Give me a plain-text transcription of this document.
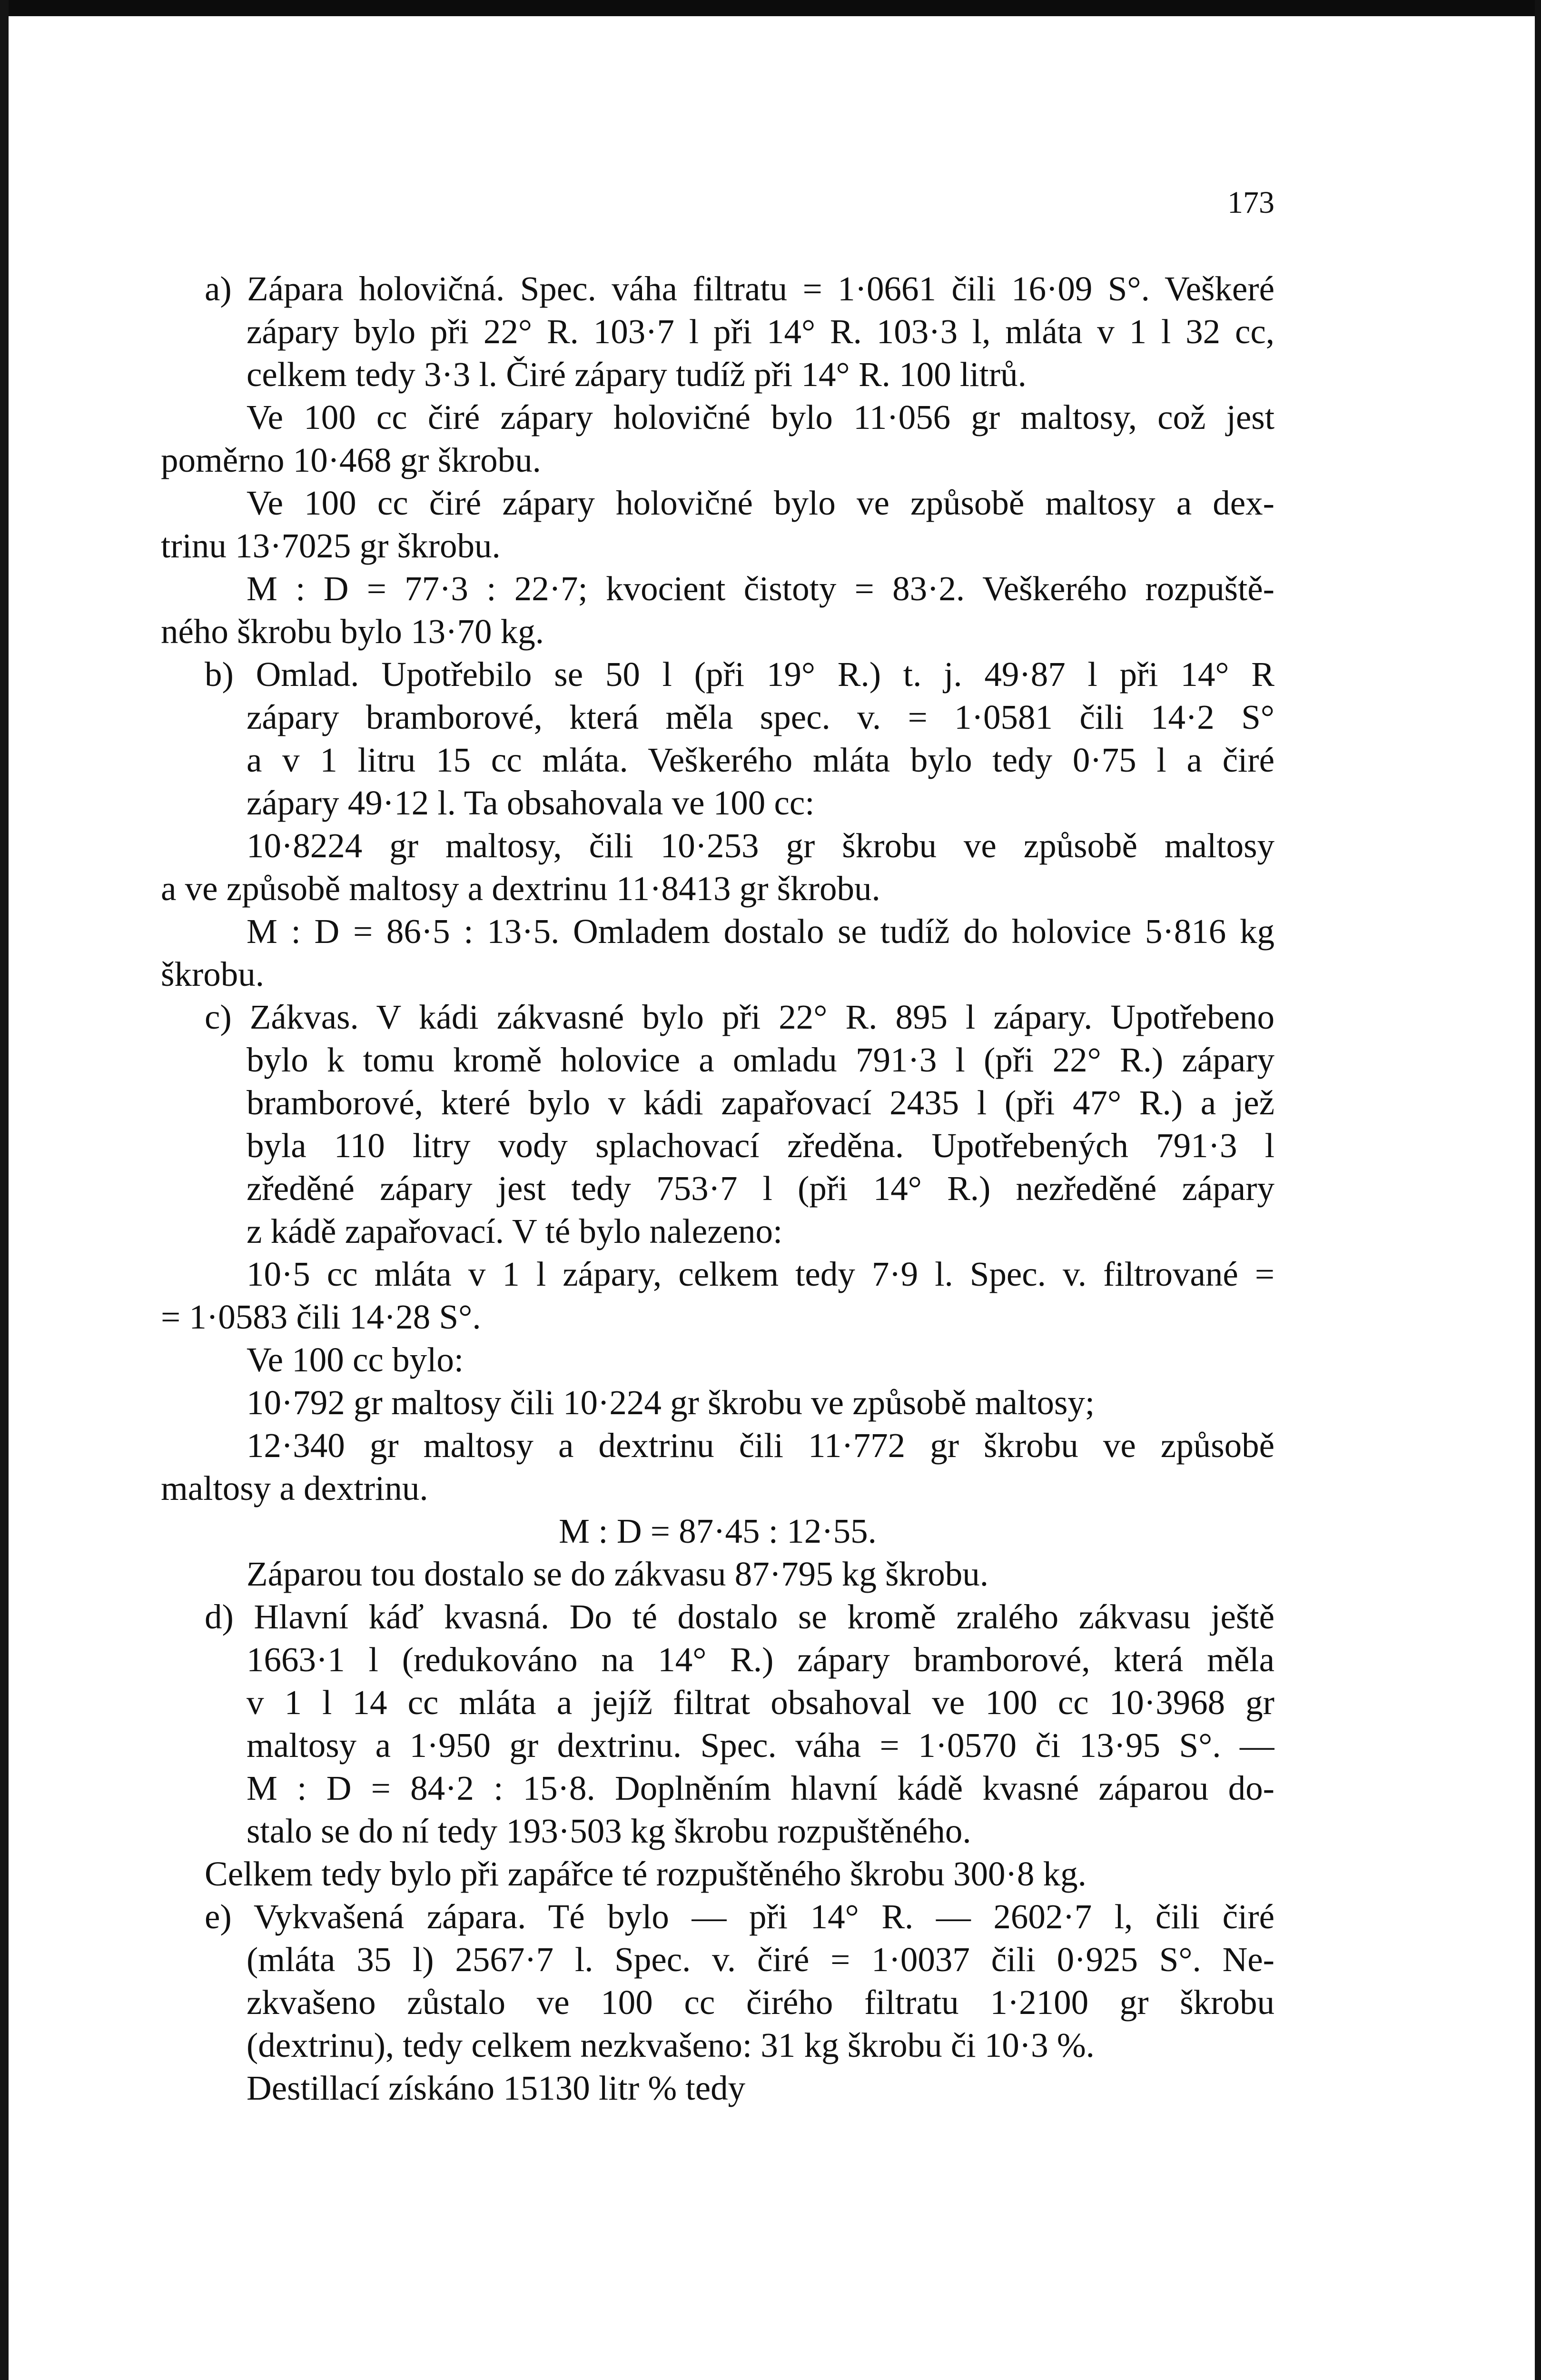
173
a) Zápara holovičná. Spec. váha filtratu = 1·0661 čili 16·09 S°. Veškeré
zápary bylo při 22° R. 103·7 l při 14° R. 103·3 l, mláta v 1 l 32 cc,
celkem tedy 3·3 l. Čiré zápary tudíž při 14° R. 100 litrů.
Ve 100 cc čiré zápary holovičné bylo 11·056 gr maltosy, což jest
poměrno 10·468 gr škrobu.
Ve 100 cc čiré zápary holovičné bylo ve způsobě maltosy a dex-
trinu 13·7025 gr škrobu.
M : D = 77·3 : 22·7; kvocient čistoty = 83·2. Veškerého rozpuště-
ného škrobu bylo 13·70 kg.
b) Omlad. Upotřebilo se 50 l (při 19° R.) t. j. 49·87 l při 14° R
zápary bramborové, která měla spec. v. = 1·0581 čili 14·2 S°
a v 1 litru 15 cc mláta. Veškerého mláta bylo tedy 0·75 l a čiré
zápary 49·12 l. Ta obsahovala ve 100 cc:
10·8224 gr maltosy, čili 10·253 gr škrobu ve způsobě maltosy
a ve způsobě maltosy a dextrinu 11·8413 gr škrobu.
M : D = 86·5 : 13·5. Omladem dostalo se tudíž do holovice 5·816 kg
škrobu.
c) Zákvas. V kádi zákvasné bylo při 22° R. 895 l zápary. Upotřebeno
bylo k tomu kromě holovice a omladu 791·3 l (při 22° R.) zápary
bramborové, které bylo v kádi zapařovací 2435 l (při 47° R.) a jež
byla 110 litry vody splachovací zředěna. Upotřebených 791·3 l
zředěné zápary jest tedy 753·7 l (při 14° R.) nezředěné zápary
z kádě zapařovací. V té bylo nalezeno:
10·5 cc mláta v 1 l zápary, celkem tedy 7·9 l. Spec. v. filtrované =
= 1·0583 čili 14·28 S°.
Ve 100 cc bylo:
10·792 gr maltosy čili 10·224 gr škrobu ve způsobě maltosy;
12·340 gr maltosy a dextrinu čili 11·772 gr škrobu ve způsobě
maltosy a dextrinu.
M : D = 87·45 : 12·55.
Záparou tou dostalo se do zákvasu 87·795 kg škrobu.
d) Hlavní káď kvasná. Do té dostalo se kromě zralého zákvasu ještě
1663·1 l (redukováno na 14° R.) zápary bramborové, která měla
v 1 l 14 cc mláta a jejíž filtrat obsahoval ve 100 cc 10·3968 gr
maltosy a 1·950 gr dextrinu. Spec. váha = 1·0570 či 13·95 S°. —
M : D = 84·2 : 15·8. Doplněním hlavní kádě kvasné záparou do-
stalo se do ní tedy 193·503 kg škrobu rozpuštěného.
Celkem tedy bylo při zapářce té rozpuštěného škrobu 300·8 kg.
e) Vykvašená zápara. Té bylo — při 14° R. — 2602·7 l, čili čiré
(mláta 35 l) 2567·7 l. Spec. v. čiré = 1·0037 čili 0·925 S°. Ne-
zkvašeno zůstalo ve 100 cc čirého filtratu 1·2100 gr škrobu
(dextrinu), tedy celkem nezkvašeno: 31 kg škrobu či 10·3 %.
Destillací získáno 15130 litr % tedy
